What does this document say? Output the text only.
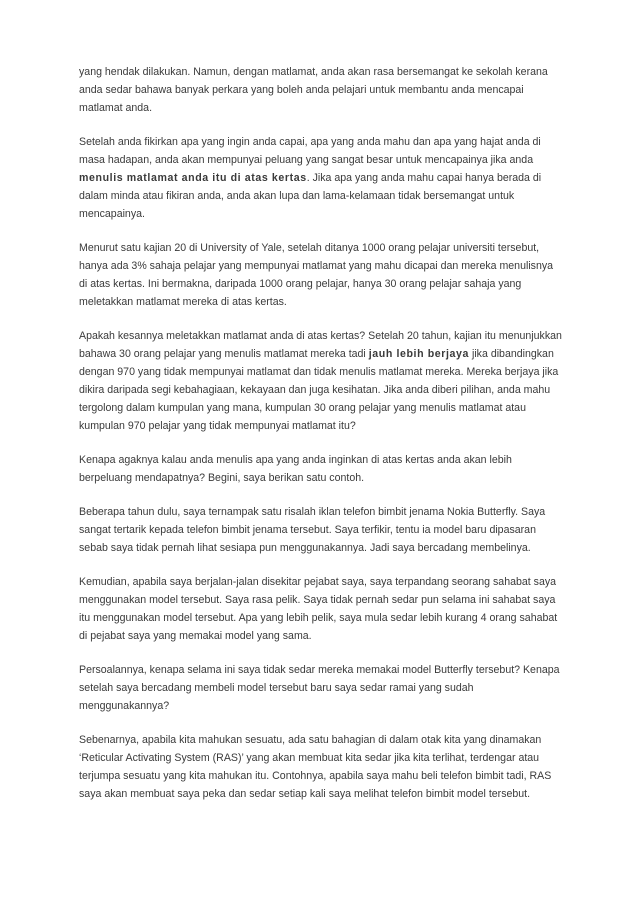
yang hendak dilakukan. Namun, dengan matlamat, anda akan rasa bersemangat ke sekolah kerana anda sedar bahawa banyak perkara yang boleh anda pelajari untuk membantu anda mencapai matlamat anda.

Setelah anda fikirkan apa yang ingin anda capai, apa yang anda mahu dan apa yang hajat anda di masa hadapan, anda akan mempunyai peluang yang sangat besar untuk mencapainya jika anda menulis matlamat anda itu di atas kertas. Jika apa yang anda mahu capai hanya berada di dalam minda atau fikiran anda, anda akan lupa dan lama-kelamaan tidak bersemangat untuk mencapainya.

Menurut satu kajian 20 di University of Yale, setelah ditanya 1000 orang pelajar universiti tersebut, hanya ada 3% sahaja pelajar yang mempunyai matlamat yang mahu dicapai dan mereka menulisnya di atas kertas. Ini bermakna, daripada 1000 orang pelajar, hanya 30 orang pelajar sahaja yang meletakkan matlamat mereka di atas kertas.

Apakah kesannya meletakkan matlamat anda di atas kertas? Setelah 20 tahun, kajian itu menunjukkan bahawa 30 orang pelajar yang menulis matlamat mereka tadi jauh lebih berjaya jika dibandingkan dengan 970 yang tidak mempunyai matlamat dan tidak menulis matlamat mereka. Mereka berjaya jika dikira daripada segi kebahagiaan, kekayaan dan juga kesihatan. Jika anda diberi pilihan, anda mahu tergolong dalam kumpulan yang mana, kumpulan 30 orang pelajar yang menulis matlamat atau kumpulan 970 pelajar yang tidak mempunyai matlamat itu?

Kenapa agaknya kalau anda menulis apa yang anda inginkan di atas kertas anda akan lebih berpeluang mendapatnya? Begini, saya berikan satu contoh.

Beberapa tahun dulu, saya ternampak satu risalah iklan telefon bimbit jenama Nokia Butterfly. Saya sangat tertarik kepada telefon bimbit jenama tersebut. Saya terfikir, tentu ia model baru dipasaran sebab saya tidak pernah lihat sesiapa pun menggunakannya. Jadi saya bercadang membelinya.

Kemudian, apabila saya berjalan-jalan disekitar pejabat saya, saya terpandang seorang sahabat saya menggunakan model tersebut. Saya rasa pelik. Saya tidak pernah sedar pun selama ini sahabat saya itu menggunakan model tersebut. Apa yang lebih pelik, saya mula sedar lebih kurang 4 orang sahabat di pejabat saya yang memakai model yang sama.

Persoalannya, kenapa selama ini saya tidak sedar mereka memakai model Butterfly tersebut? Kenapa setelah saya bercadang membeli model tersebut baru saya sedar ramai yang sudah menggunakannya?

Sebenarnya, apabila kita mahukan sesuatu, ada satu bahagian di dalam otak kita yang dinamakan ‘Reticular Activating System (RAS)’ yang akan membuat kita sedar jika kita terlihat, terdengar atau terjumpa sesuatu yang kita mahukan itu. Contohnya, apabila saya mahu beli telefon bimbit tadi, RAS saya akan membuat saya peka dan sedar setiap kali saya melihat telefon bimbit model tersebut.
